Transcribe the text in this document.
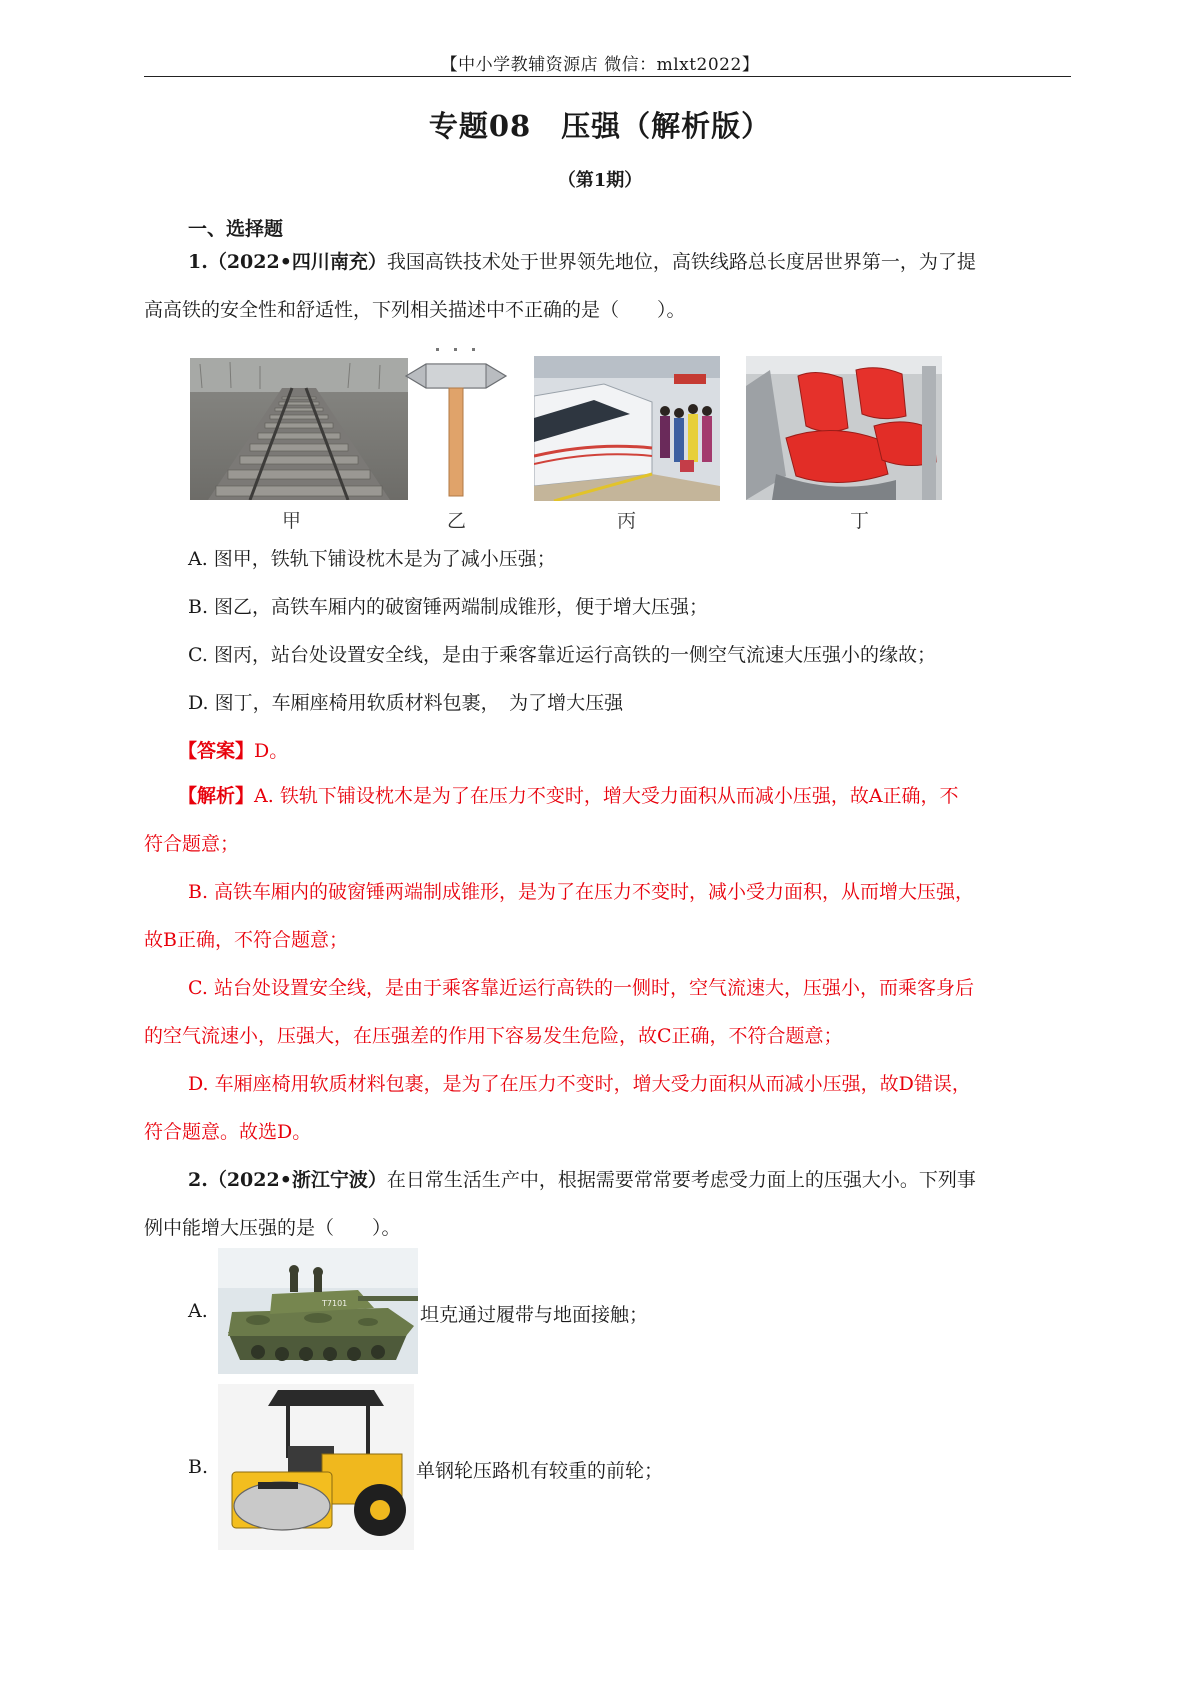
【中小学教辅资源店 微信：mlxt2022】
专题08　压强（解析版）
（第1期）
一、选择题
1.（2022•四川南充）我国高铁技术处于世界领先地位，高铁线路总长度居世界第一，为了提
高高铁的安全性和舒适性，下列相关描述中不正确的是（　　）。
甲	乙	丙	丁
A. 图甲，铁轨下铺设枕木是为了减小压强；
B. 图乙，高铁车厢内的破窗锤两端制成锥形，便于增大压强；
C. 图丙，站台处设置安全线，是由于乘客靠近运行高铁的一侧空气流速大压强小的缘故；
D. 图丁，车厢座椅用软质材料包裹，　为了增大压强
【答案】D。
【解析】A. 铁轨下铺设枕木是为了在压力不变时，增大受力面积从而减小压强，故A正确，不
符合题意；
B. 高铁车厢内的破窗锤两端制成锥形，是为了在压力不变时，减小受力面积，从而增大压强，
故B正确，不符合题意；
C. 站台处设置安全线，是由于乘客靠近运行高铁的一侧时，空气流速大，压强小，而乘客身后
的空气流速小，压强大，在压强差的作用下容易发生危险，故C正确，不符合题意；
D. 车厢座椅用软质材料包裹，是为了在压力不变时，增大受力面积从而减小压强，故D错误，
符合题意。故选D。
2.（2022•浙江宁波）在日常生活生产中，根据需要常常要考虑受力面上的压强大小。下列事
例中能增大压强的是（　　）。
A.	T7101
坦克通过履带与地面接触；
B.	单钢轮压路机有较重的前轮；
